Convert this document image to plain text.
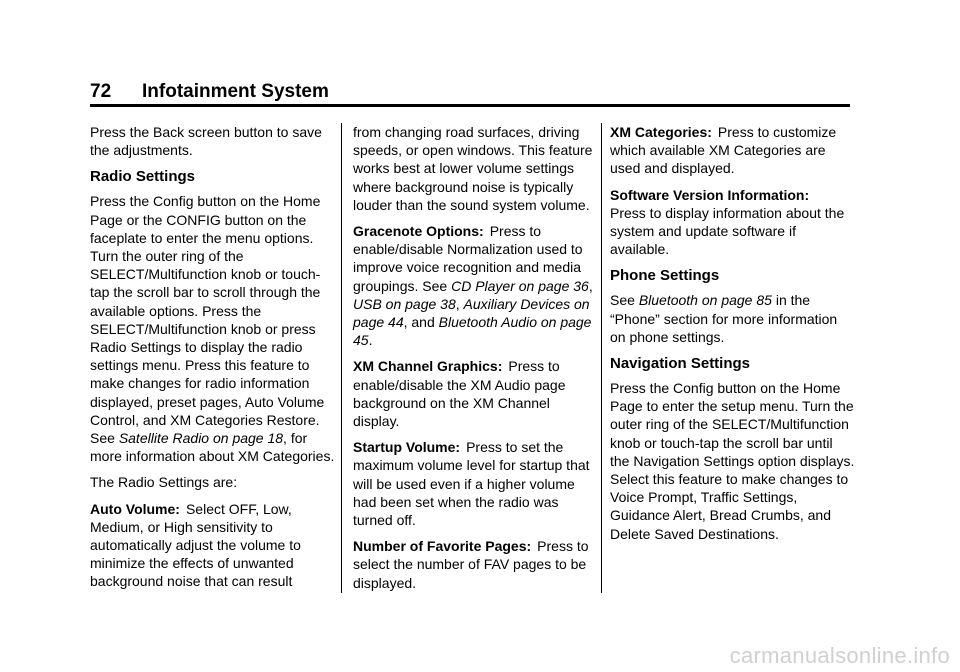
72 Infotainment System

Press the Back screen button to save the adjustments.

Radio Settings

Press the Config button on the Home Page or the CONFIG button on the faceplate to enter the menu options. Turn the outer ring of the SELECT/Multifunction knob or touch-tap the scroll bar to scroll through the available options. Press the SELECT/Multifunction knob or press Radio Settings to display the radio settings menu. Press this feature to make changes for radio information displayed, preset pages, Auto Volume Control, and XM Categories Restore. See Satellite Radio on page 18, for more information about XM Categories.

The Radio Settings are:

Auto Volume: Select OFF, Low, Medium, or High sensitivity to automatically adjust the volume to minimize the effects of unwanted background noise that can result

from changing road surfaces, driving speeds, or open windows. This feature works best at lower volume settings where background noise is typically louder than the sound system volume.

Gracenote Options: Press to enable/disable Normalization used to improve voice recognition and media groupings. See CD Player on page 36, USB on page 38, Auxiliary Devices on page 44, and Bluetooth Audio on page 45.

XM Channel Graphics: Press to enable/disable the XM Audio page background on the XM Channel display.

Startup Volume: Press to set the maximum volume level for startup that will be used even if a higher volume had been set when the radio was turned off.

Number of Favorite Pages: Press to select the number of FAV pages to be displayed.

XM Categories: Press to customize which available XM Categories are used and displayed.

Software Version Information:
Press to display information about the system and update software if available.

Phone Settings

See Bluetooth on page 85 in the “Phone” section for more information on phone settings.

Navigation Settings

Press the Config button on the Home Page to enter the setup menu. Turn the outer ring of the SELECT/Multifunction knob or touch-tap the scroll bar until the Navigation Settings option displays. Select this feature to make changes to Voice Prompt, Traffic Settings, Guidance Alert, Bread Crumbs, and Delete Saved Destinations.

carmanualsonline.info
